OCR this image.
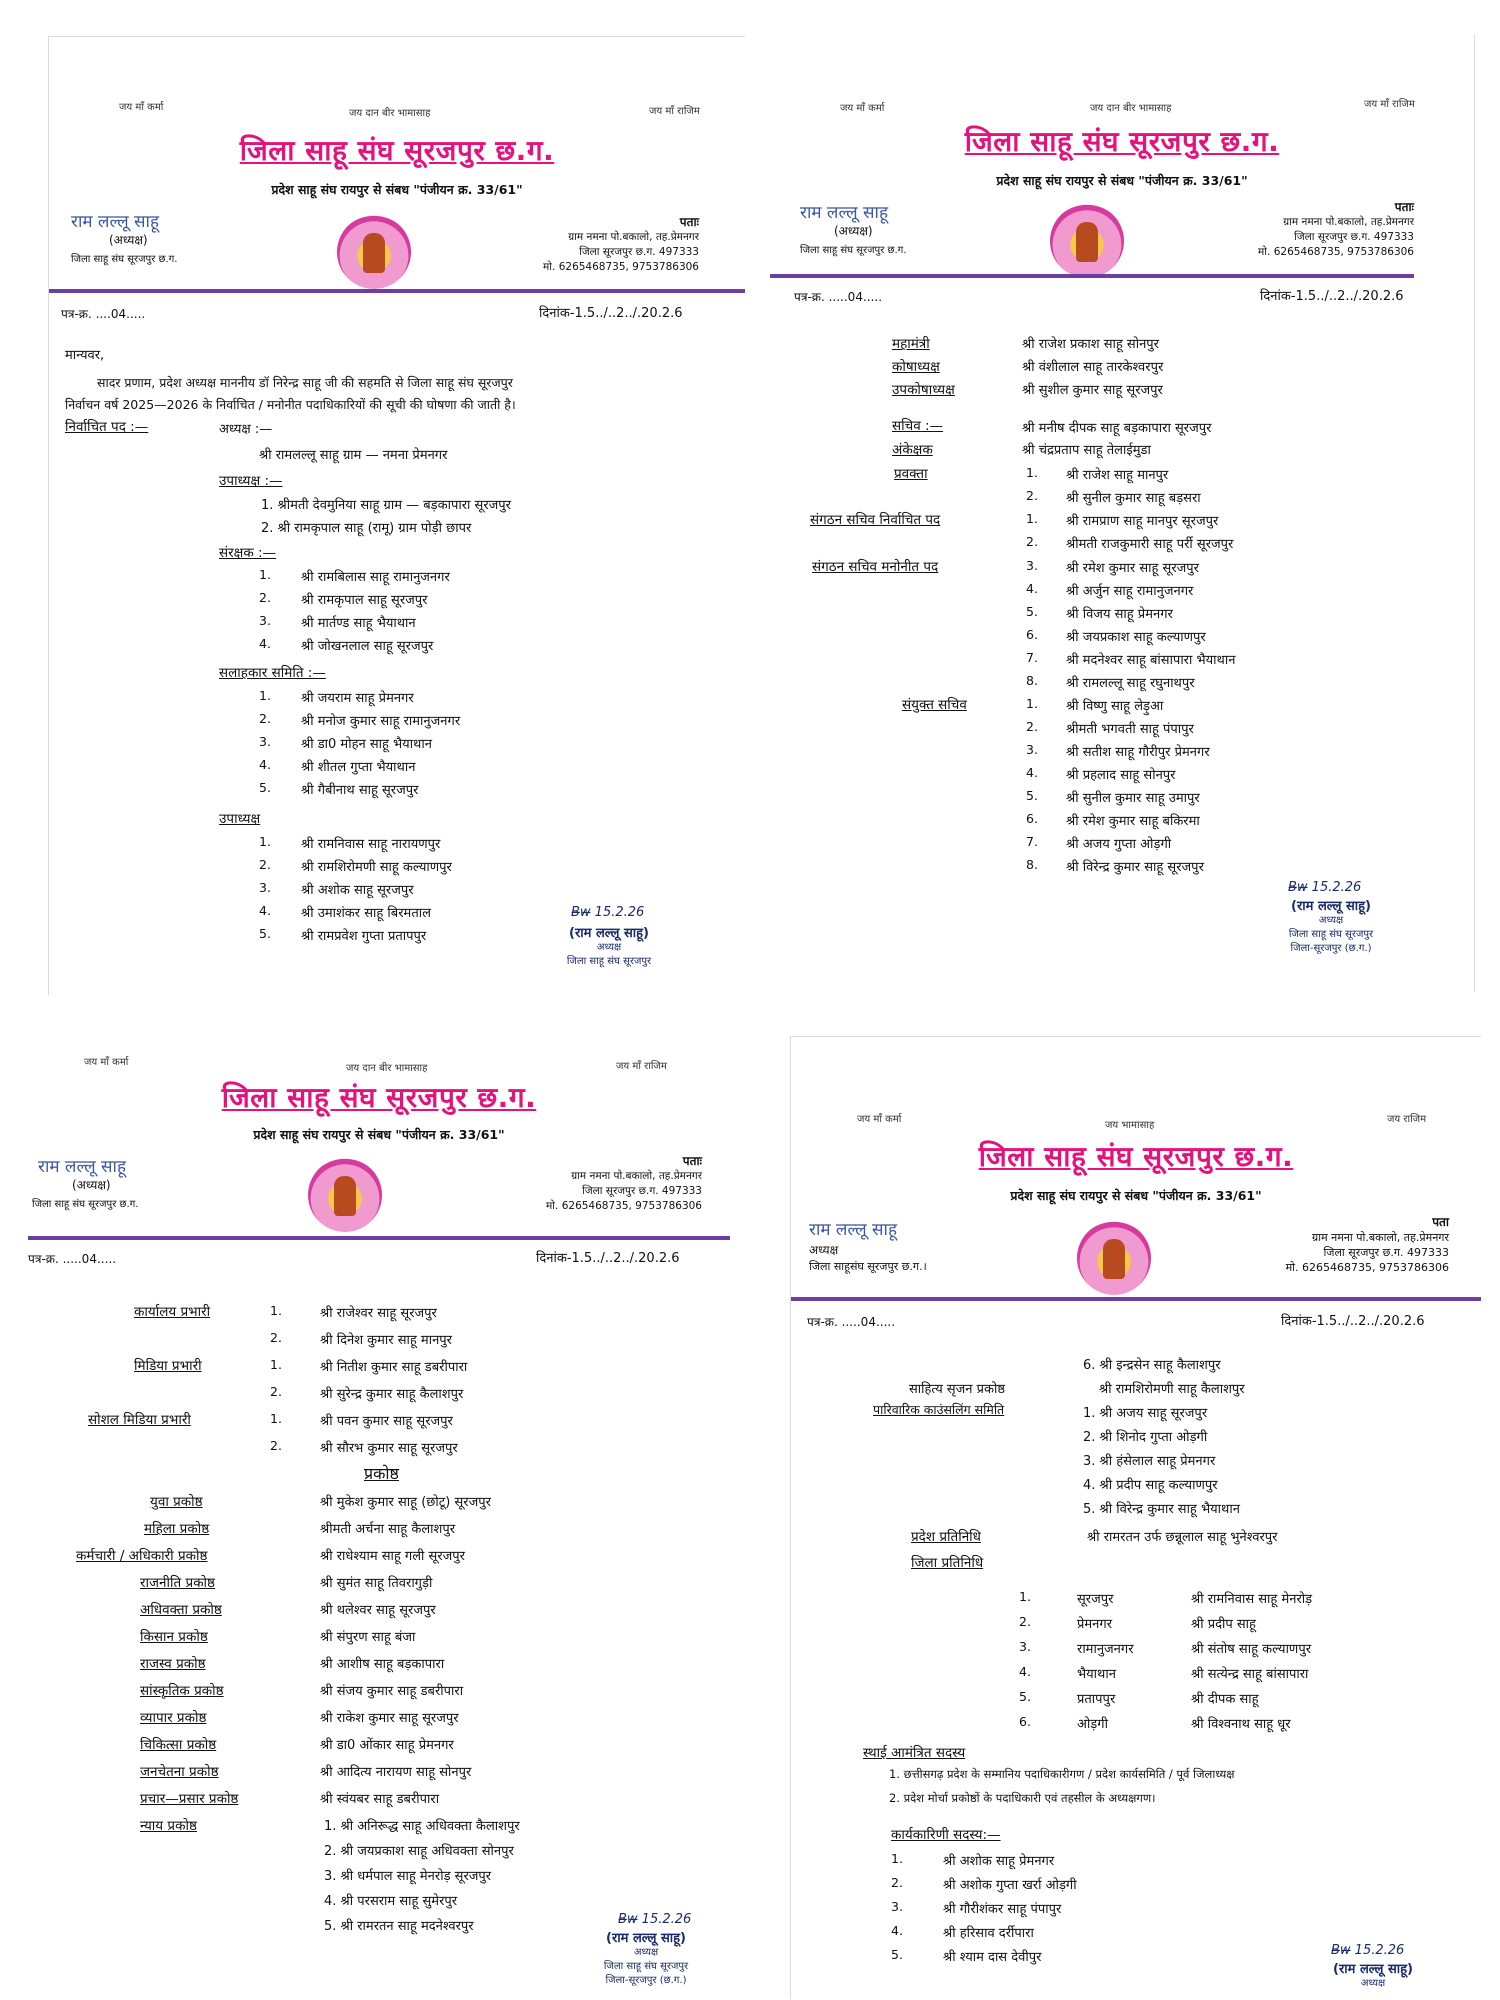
जय माँ कर्मा
जय दान बीर भामासाह	जय माँ राजिम
जिला साहू संघ सूरजपुर छ.ग.
प्रदेश साहू संघ रायपुर से संबध "पंजीयन क्र. 33/61"
राम लल्लू साहू
(अध्यक्ष)
जिला साहू संघ सूरजपुर छ.ग.
पताः
ग्राम नमना पो.बकालो, तह.प्रेमनगर
जिला सूरजपुर छ.ग. 497333
मो. 6265468735, 9753786306
पत्र-क्र. ....04.....	दिनांक-1.5../..2../.20.2.6
मान्यवर,
सादर प्रणाम, प्रदेश अध्यक्ष माननीय डॉ निरेन्द्र साहू जी की सहमति से जिला साहू संघ सूरजपुर
निर्वाचन वर्ष 2025—2026 के निर्वाचित / मनोनीत पदाधिकारियों की सूची की घोषणा की जाती है।
निर्वाचित पद :—	अध्यक्ष :—
श्री रामलल्लू साहू ग्राम — नमना प्रेमनगर
उपाध्यक्ष :—
1. श्रीमती देवमुनिया साहू ग्राम — बड़कापारा सूरजपुर
2. श्री रामकृपाल साहू (रामू) ग्राम पोड़ी छापर
संरक्षक :—
1. श्री रामबिलास साहू रामानुजनगर
2. श्री रामकृपाल साहू सूरजपुर
3. श्री मार्तण्ड साहू भैयाथान
4. श्री जोखनलाल साहू सूरजपुर
सलाहकार समिति :—
1. श्री जयराम साहू प्रेमनगर
2. श्री मनोज कुमार साहू रामानुजनगर
3. श्री डा0 मोहन साहू भैयाथान
4. श्री शीतल गुप्ता भैयाथान
5. श्री गैबीनाथ साहू सूरजपुर
उपाध्यक्ष
1. श्री रामनिवास साहू नारायणपुर
2. श्री रामशिरोमणी साहू कल्याणपुर
3. श्री अशोक साहू सूरजपुर
4. श्री उमाशंकर साहू बिरमताल
5. श्री रामप्रवेश गुप्ता प्रतापपुर
B̶w̶ 15.2.26
(राम लल्लू साहू)
अध्यक्ष
जिला साहू संघ सूरजपुर
जय माँ कर्मा	जय दान बीर भामासाह	जय माँ राजिम
जिला साहू संघ सूरजपुर छ.ग.
प्रदेश साहू संघ रायपुर से संबध "पंजीयन क्र. 33/61"
राम लल्लू साहू
(अध्यक्ष)
जिला साहू संघ सूरजपुर छ.ग.
पताः
ग्राम नमना पो.बकालो, तह.प्रेमनगर
जिला सूरजपुर छ.ग. 497333
मो. 6265468735, 9753786306
पत्र-क्र. .....04.....	दिनांक-1.5../..2../.20.2.6
महामंत्री	श्री राजेश प्रकाश साहू सोनपुर
कोषाध्यक्ष	श्री वंशीलाल साहू तारकेश्वरपुर
उपकोषाध्यक्ष	श्री सुशील कुमार साहू सूरजपुर
सचिव :—	श्री मनीष दीपक साहू बड़कापारा सूरजपुर
अंकेक्षक	श्री चंद्रप्रताप साहू तेलाईमुडा
प्रवक्ता	1. श्री राजेश साहू मानपुर
2. श्री सुनील कुमार साहू बड़सरा
संगठन सचिव निर्वाचित पद	1. श्री रामप्राण साहू मानपुर सूरजपुर
2. श्रीमती राजकुमारी साहू पर्री सूरजपुर
संगठन सचिव मनोनीत पद	3. श्री रमेश कुमार साहू सूरजपुर
4. श्री अर्जुन साहू रामानुजनगर
5. श्री विजय साहू प्रेमनगर
6. श्री जयप्रकाश साहू कल्याणपुर
7. श्री मदनेश्वर साहू बांसापारा भैयाथान
8. श्री रामलल्लू साहू रघुनाथपुर
संयुक्त सचिव	1. श्री विष्णु साहू लेड़ुआ
2. श्रीमती भगवती साहू पंपापुर
3. श्री सतीश साहू गौरीपुर प्रेमनगर
4. श्री प्रहलाद साहू सोनपुर
5. श्री सुनील कुमार साहू उमापुर
6. श्री रमेश कुमार साहू बकिरमा
7. श्री अजय गुप्ता ओड़गी
8. श्री विरेन्द्र कुमार साहू सूरजपुर
B̶w̶ 15.2.26
(राम लल्लू साहू)
अध्यक्ष
जिला साहू संघ सूरजपुर
जिला-सूरजपुर (छ.ग.)
जय माँ कर्मा
जय दान बीर भामासाह	जय माँ राजिम
जिला साहू संघ सूरजपुर छ.ग.
प्रदेश साहू संघ रायपुर से संबध "पंजीयन क्र. 33/61"
राम लल्लू साहू
(अध्यक्ष)
जिला साहू संघ सूरजपुर छ.ग.
पताः
ग्राम नमना पो.बकालो, तह.प्रेमनगर
जिला सूरजपुर छ.ग. 497333
मो. 6265468735, 9753786306
पत्र-क्र. .....04.....	दिनांक-1.5../..2../.20.2.6
कार्यालय प्रभारी	1.	श्री राजेश्वर साहू सूरजपुर
2.	श्री दिनेश कुमार साहू मानपुर
मिडिया प्रभारी	1.	श्री नितीश कुमार साहू डबरीपारा
2.	श्री सुरेन्द्र कुमार साहू कैलाशपुर
सोशल मिडिया प्रभारी	1.	श्री पवन कुमार साहू सूरजपुर
2.	श्री सौरभ कुमार साहू सूरजपुर
प्रकोष्ठ
युवा प्रकोष्ठ	श्री मुकेश कुमार साहू (छोटू) सूरजपुर
महिला प्रकोष्ठ	श्रीमती अर्चना साहू कैलाशपुर
कर्मचारी / अधिकारी प्रकोष्ठ	श्री राधेश्याम साहू गली सूरजपुर
राजनीति प्रकोष्ठ	श्री सुमंत साहू तिवरागुड़ी
अधिवक्ता प्रकोष्ठ	श्री थलेश्वर साहू सूरजपुर
किसान प्रकोष्ठ	श्री संपुरण साहू बंजा
राजस्व प्रकोष्ठ	श्री आशीष साहू बड़कापारा
सांस्कृतिक प्रकोष्ठ	श्री संजय कुमार साहू डबरीपारा
व्यापार प्रकोष्ठ	श्री राकेश कुमार साहू सूरजपुर
चिकित्सा प्रकोष्ठ	श्री डा0 ओंकार साहू प्रेमनगर
जनचेतना प्रकोष्ठ	श्री आदित्य नारायण साहू सोनपुर
प्रचार—प्रसार प्रकोष्ठ	श्री स्वंयबर साहू डबरीपारा
न्याय प्रकोष्ठ	1. श्री अनिरूद्ध साहू अधिवक्ता कैलाशपुर
2. श्री जयप्रकाश साहू अधिवक्ता सोनपुर
3. श्री धर्मपाल साहू मेनरोड़ सूरजपुर
4. श्री परसराम साहू सुमेरपुर
5. श्री रामरतन साहू मदनेश्वरपुर	B̶w̶ 15.2.26
(राम लल्लू साहू)
अध्यक्ष
जिला साहू संघ सूरजपुर
जिला-सूरजपुर (छ.ग.)
जय माँ कर्मा
जय भामासाह
जय राजिम
जिला साहू संघ सूरजपुर छ.ग.
प्रदेश साहू संघ रायपुर से संबध "पंजीयन क्र. 33/61"
राम लल्लू साहू
अध्यक्ष
जिला साहूसंघ सूरजपुर छ.ग.।
पता
ग्राम नमना पो.बकालो, तह.प्रेमनगर
जिला सूरजपुर छ.ग. 497333
मो. 6265468735, 9753786306
पत्र-क्र. .....04.....	दिनांक-1.5../..2../.20.2.6
6. श्री इन्द्रसेन साहू कैलाशपुर
साहित्य सृजन प्रकोष्ठ	श्री रामशिरोमणी साहू कैलाशपुर
पारिवारिक काउंसलिंग समिति	1. श्री अजय साहू सूरजपुर
2. श्री शिनोद गुप्ता ओड़गी
3. श्री हंसेलाल साहू प्रेमनगर
4. श्री प्रदीप साहू कल्याणपुर
5. श्री विरेन्द्र कुमार साहू भैयाथान
प्रदेश प्रतिनिधि	श्री रामरतन उर्फ छन्नूलाल साहू भुनेश्वरपुर
जिला प्रतिनिधि
1.	सूरजपुर	श्री रामनिवास साहू मेनरोड़
2.	प्रेमनगर	श्री प्रदीप साहू
3.	रामानुजनगर	श्री संतोष साहू कल्याणपुर
4.	भैयाथान	श्री सत्येन्द्र साहू बांसापारा
5.	प्रतापपुर	श्री दीपक साहू
6.	ओड़गी	श्री विश्वनाथ साहू धूर
स्थाई आमंत्रित सदस्य
1. छत्तीसगढ़ प्रदेश के सम्मानिय पदाधिकारीगण / प्रदेश कार्यसमिति / पूर्व जिलाध्यक्ष
2. प्रदेश मोर्चा प्रकोष्ठों के पदाधिकारी एवं तहसील के अध्यक्षगण।
कार्यकारिणी सदस्य:—
1.	श्री अशोक साहू प्रेमनगर
2.	श्री अशोक गुप्ता खर्रा ओड़गी
3.	श्री गौरीशंकर साहू पंपापुर
4.	श्री हरिसाव दर्रीपारा
5.	श्री श्याम दास देवीपुर	B̶w̶ 15.2.26
(राम लल्लू साहू)
अध्यक्ष
